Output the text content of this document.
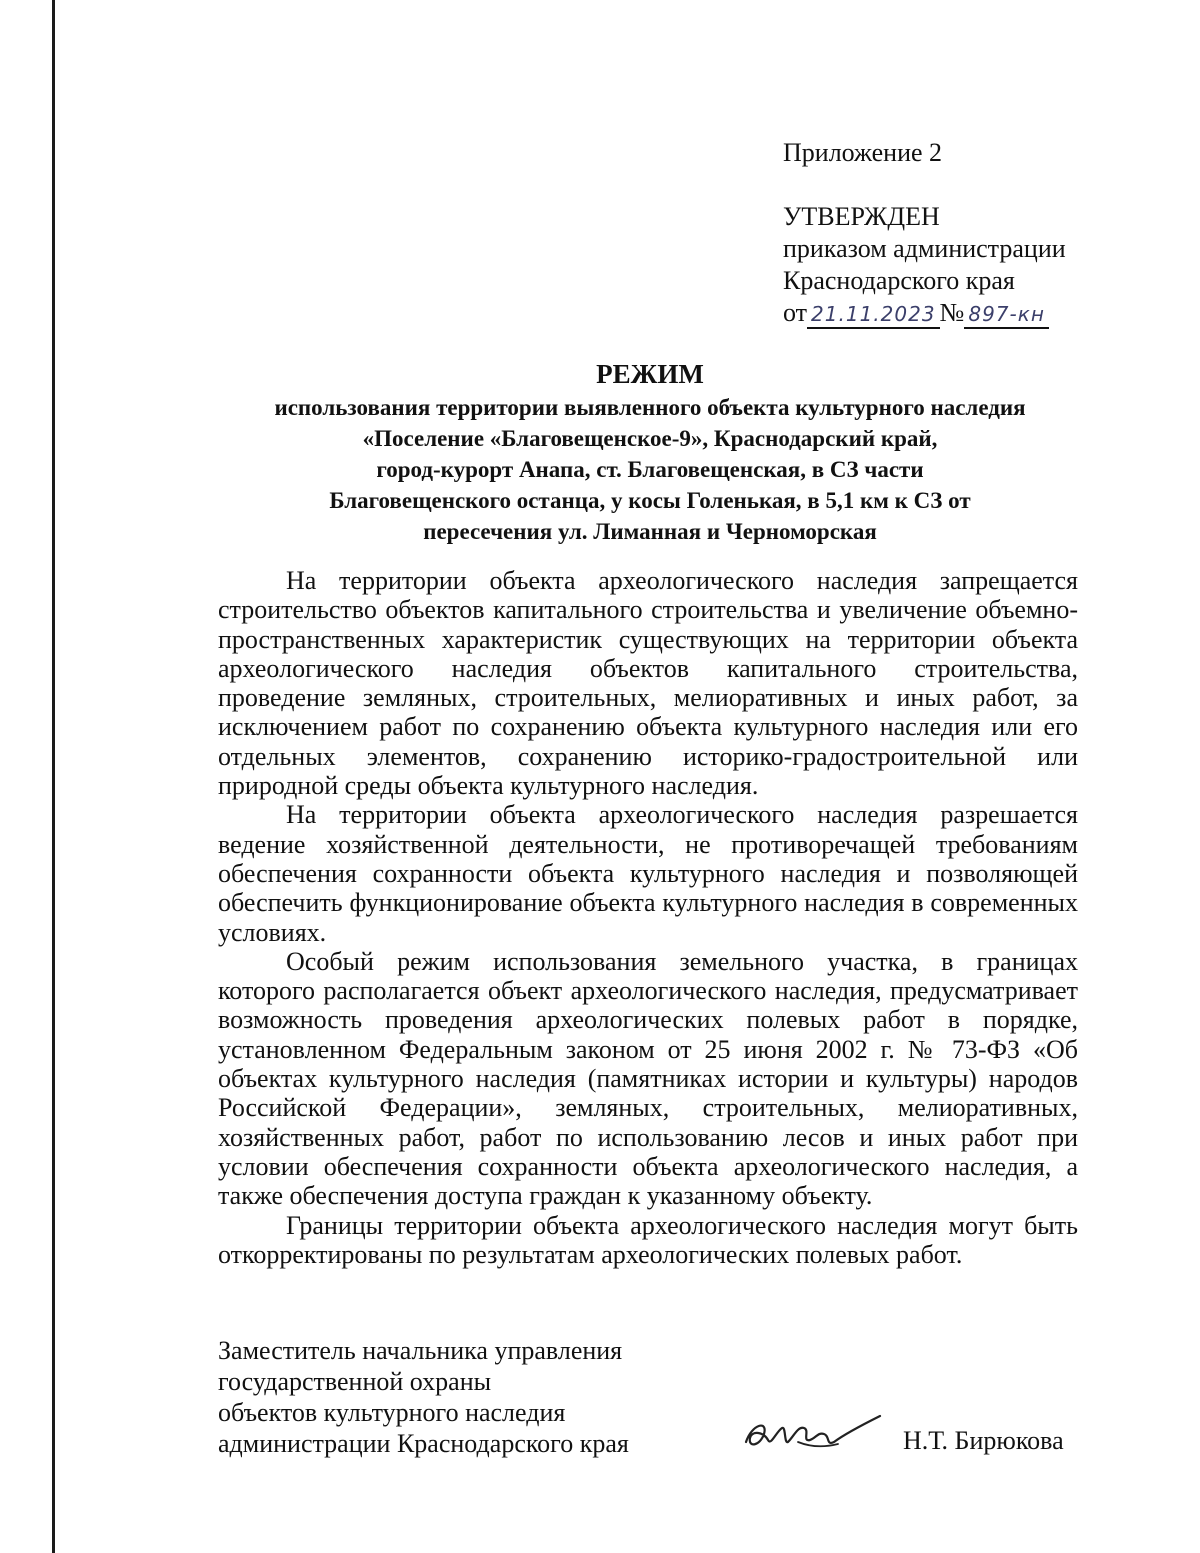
Приложение 2
УТВЕРЖДЕН
приказом администрации
Краснодарского края
от 21.11.2023 № 897-кн
РЕЖИМ
использования территории выявленного объекта культурного наследия
«Поселение «Благовещенское-9», Краснодарский край,
город-курорт Анапа, ст. Благовещенская, в СЗ части
Благовещенского останца, у косы Голенькая, в 5,1 км к СЗ от
пересечения ул. Лиманная и Черноморская

На территории объекта археологического наследия запрещается строительство объектов капитального строительства и увеличение объемно-пространственных характеристик существующих на территории объекта археологического наследия объектов капитального строительства, проведение земляных, строительных, мелиоративных и иных работ, за исключением работ по сохранению объекта культурного наследия или его отдельных элементов, сохранению историко-градостроительной или природной среды объекта культурного наследия.

На территории объекта археологического наследия разрешается ведение хозяйственной деятельности, не противоречащей требованиям обеспечения сохранности объекта культурного наследия и позволяющей обеспечить функционирование объекта культурного наследия в современных условиях.

Особый режим использования земельного участка, в границах которого располагается объект археологического наследия, предусматривает возможность проведения археологических полевых работ в порядке, установленном Федеральным законом от 25 июня 2002 г. № 73-ФЗ «Об объектах культурного наследия (памятниках истории и культуры) народов Российской Федерации», земляных, строительных, мелиоративных, хозяйственных работ, работ по использованию лесов и иных работ при условии обеспечения сохранности объекта археологического наследия, а также обеспечения доступа граждан к указанному объекту.

Границы территории объекта археологического наследия могут быть откорректированы по результатам археологических полевых работ.

Заместитель начальника управления
государственной охраны
объектов культурного наследия
администрации Краснодарского края	Н.Т. Бирюкова
